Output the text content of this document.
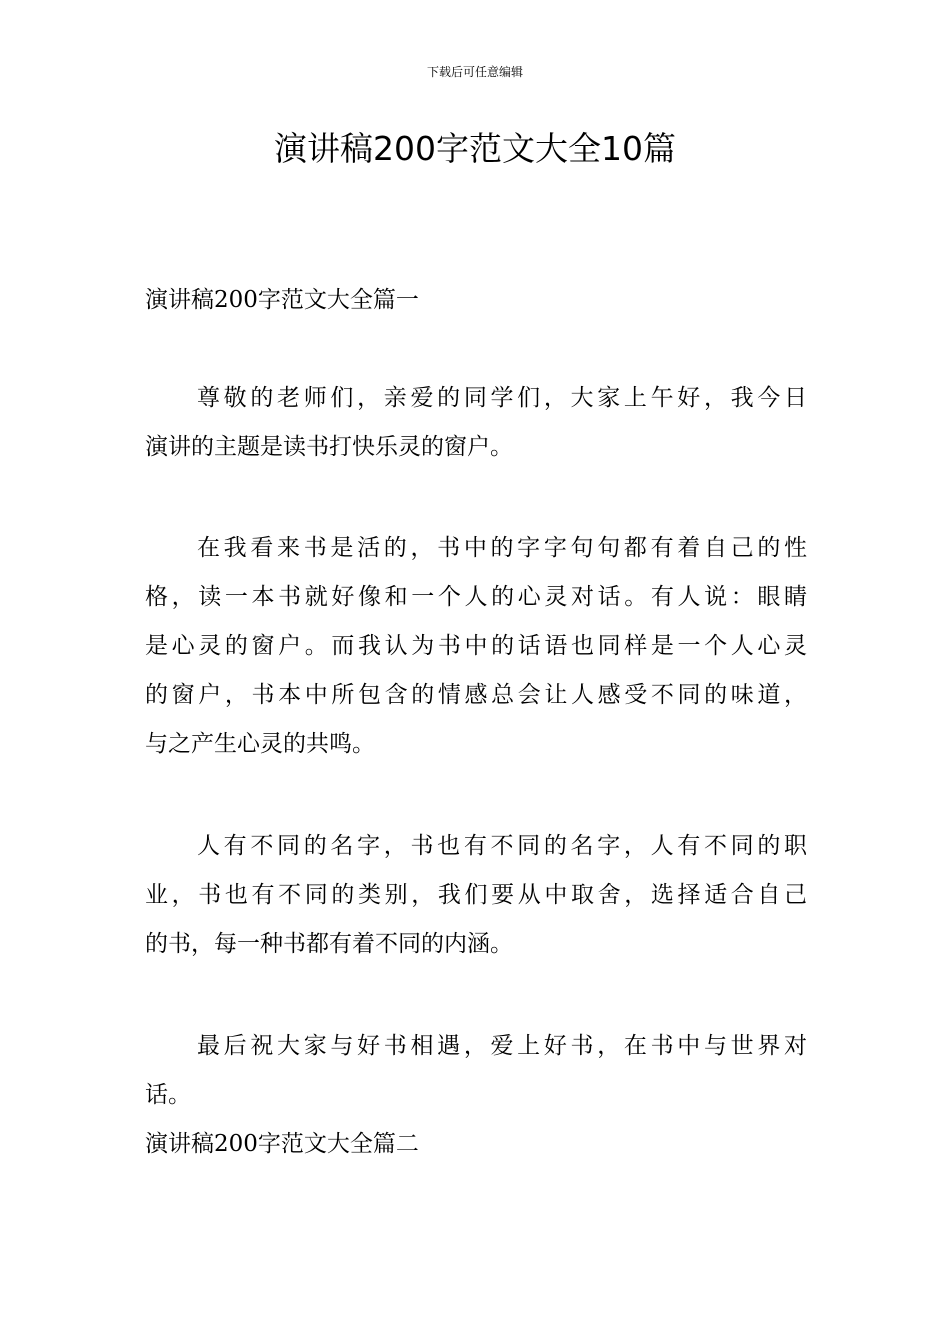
下载后可任意编辑
演讲稿200字范文大全10篇
演讲稿200字范文大全篇一

尊敬的老师们，亲爱的同学们，大家上午好，我今日
演讲的主题是读书打快乐灵的窗户。

在我看来书是活的，书中的字字句句都有着自己的性
格，读一本书就好像和一个人的心灵对话。有人说：眼睛
是心灵的窗户。而我认为书中的话语也同样是一个人心灵
的窗户，书本中所包含的情感总会让人感受不同的味道，
与之产生心灵的共鸣。

人有不同的名字，书也有不同的名字，人有不同的职
业，书也有不同的类别，我们要从中取舍，选择适合自己
的书，每一种书都有着不同的内涵。

最后祝大家与好书相遇，爱上好书，在书中与世界对
话。

演讲稿200字范文大全篇二
